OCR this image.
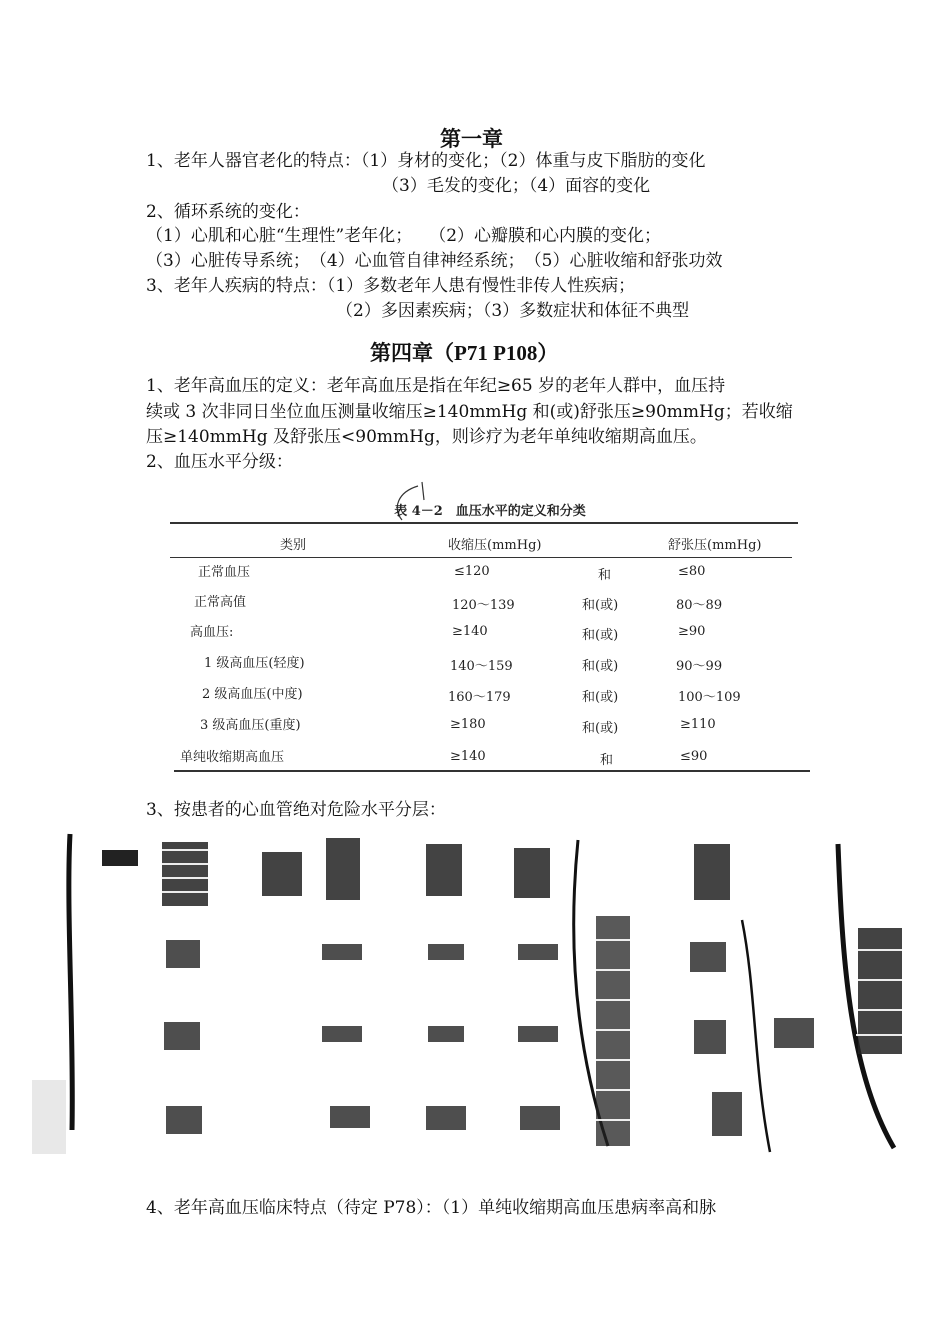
第一章
1、老年人器官老化的特点：（1）身材的变化；（2）体重与皮下脂肪的变化
（3）毛发的变化；（4）面容的变化
2、循环系统的变化：
（1）心肌和心脏“生理性”老年化；　　（2）心瓣膜和心内膜的变化；
（3）心脏传导系统；　（4）心血管自律神经系统；　（5）心脏收缩和舒张功效
3、老年人疾病的特点：（1）多数老年人患有慢性非传人性疾病；
（2）多因素疾病；（3）多数症状和体征不典型
第四章（P71 P108）
1、老年高血压的定义：老年高血压是指在年纪≥65 岁的老年人群中，血压持
续或 3 次非同日坐位血压测量收缩压≥140mmHg 和(或)舒张压≥90mmHg；若收缩
压≥140mmHg 及舒张压<90mmHg，则诊疗为老年单纯收缩期高血压。
2、血压水平分级：
表 4－2　血压水平的定义和分类
类别	收缩压(mmHg)	舒张压(mmHg)
正常血压	≤120	和	≤80
正常高值	120～139	和(或)	80～89
高血压:	≥140	和(或)	≥90
1 级高血压(轻度)	140～159	和(或)	90～99
2 级高血压(中度)	160～179	和(或)	100～109
3 级高血压(重度)	≥180	和(或)	≥110
单纯收缩期高血压	≥140	和	≤90
3、按患者的心血管绝对危险水平分层：
4、老年高血压临床特点（待定 P78）：（1）单纯收缩期高血压患病率高和脉
